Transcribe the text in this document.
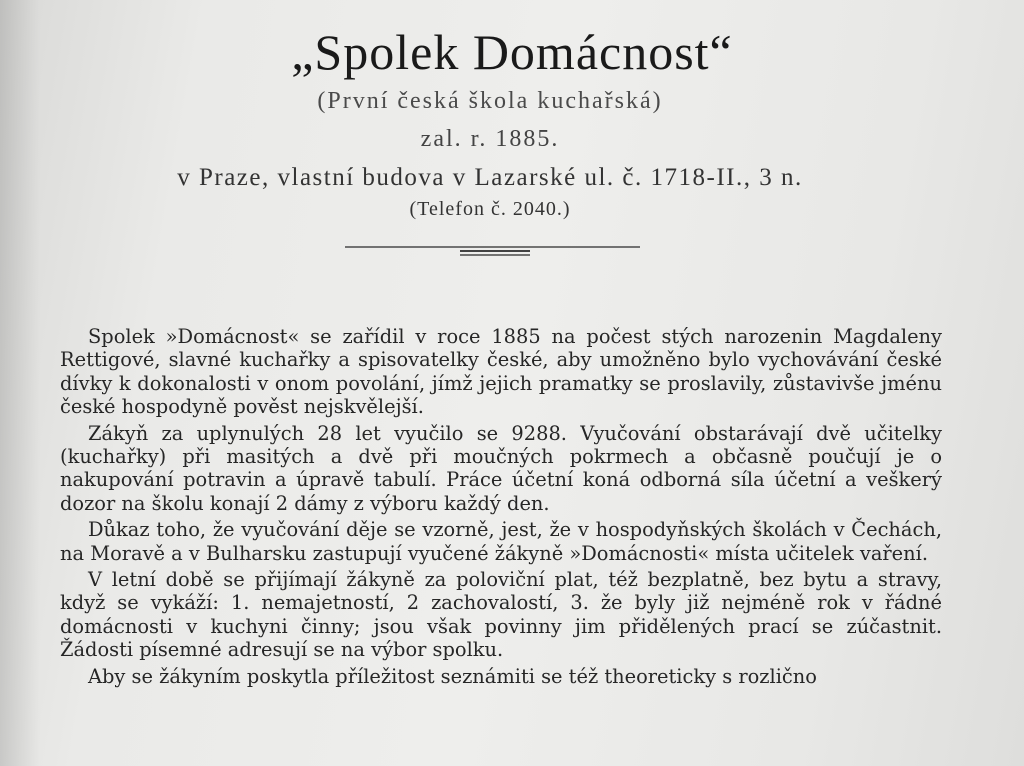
„Spolek Domácnost“
(První česká škola kuchařská)
zal. r. 1885.
v Praze, vlastní budova v Lazarské ul. č. 1718-II., 3 n.
(Telefon č. 2040.)

Spolek »Domácnost« se zařídil v roce 1885 na počest stých narozenin Magdaleny Rettigové, slavné kuchařky a spisovatelky české, aby umožněno bylo vychovávání české dívky k dokonalosti v onom povolání, jímž jejich pramatky se proslavily, zůstavivše jménu české hospodyně pověst nejskvělejší.

Zákyň za uplynulých 28 let vyučilo se 9288. Vyučování obstarávají dvě učitelky (kuchařky) při masitých a dvě při moučných pokrmech a občasně poučují je o nakupování potravin a úpravě tabulí. Práce účetní koná odborná síla účetní a veškerý dozor na školu konají 2 dámy z výboru každý den.

Důkaz toho, že vyučování děje se vzorně, jest, že v hospodyňských školách v Čechách, na Moravě a v Bulharsku zastupují vyučené žákyně »Domácnosti« místa učitelek vaření.

V letní době se přijímají žákyně za poloviční plat, též bezplatně, bez bytu a stravy, když se vykáží: 1. nemajetností, 2 zachovalostí, 3. že byly již nejméně rok v řádné domácnosti v kuchyni činny; jsou však povinny jim přidělených prací se zúčastnit. Žádosti písemné adresují se na výbor spolku.

Aby se žákyním poskytla příležitost seznámiti se též theoreticky s rozlično
